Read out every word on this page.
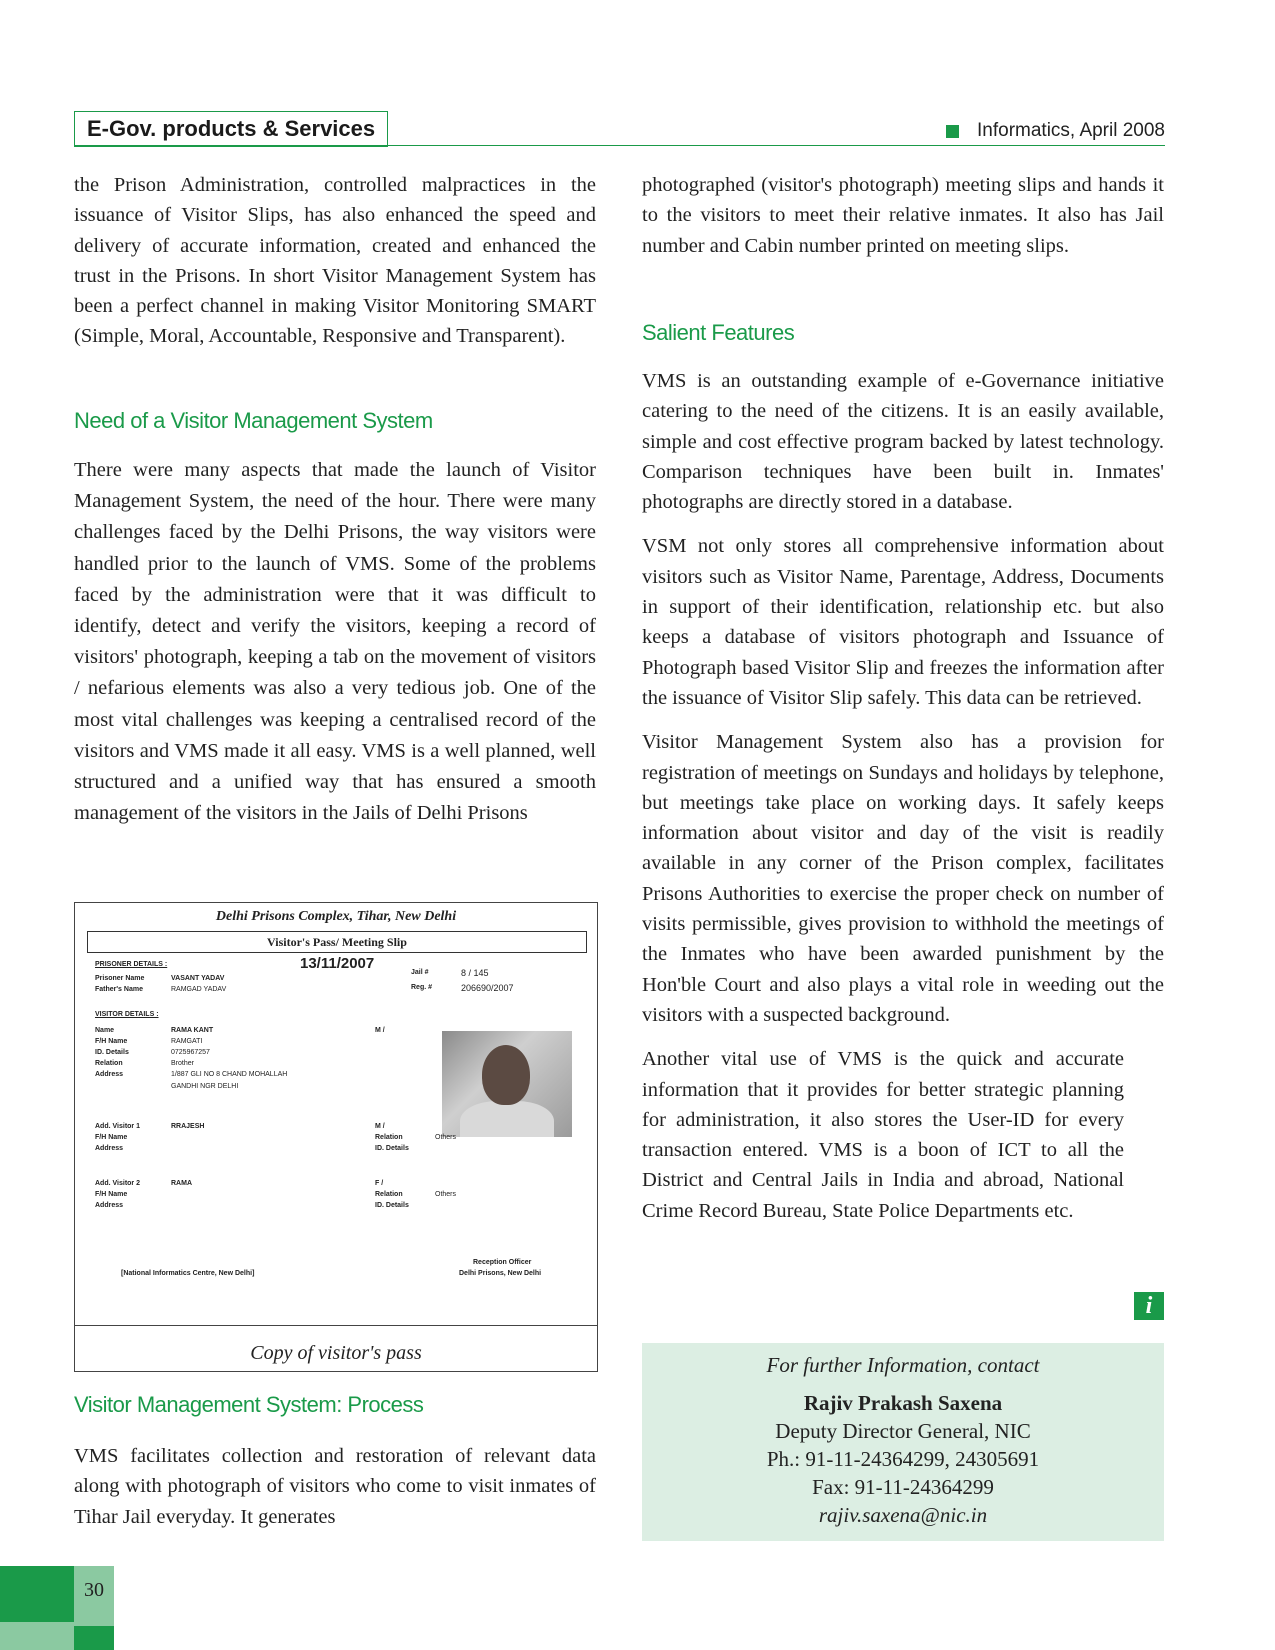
E-Gov. products & Services	Informatics, April 2008

the Prison Administration, controlled malpractices in the issuance of Visitor Slips, has also enhanced the speed and delivery of accurate information, created and enhanced the trust in the Prisons. In short Visitor Management System has been a perfect channel in making Visitor Monitoring SMART (Simple, Moral, Accountable, Responsive and Transparent).

Need of a Visitor Management System

There were many aspects that made the launch of Visitor Management System, the need of the hour. There were many challenges faced by the Delhi Prisons, the way visitors were handled prior to the launch of VMS. Some of the problems faced by the administration were that it was difficult to identify, detect and verify the visitors, keeping a record of visitors' photograph, keeping a tab on the movement of visitors / nefarious elements was also a very tedious job. One of the most vital challenges was keeping a centralised record of the visitors and VMS made it all easy. VMS is a well planned, well structured and a unified way that has ensured a smooth management of the visitors in the Jails of Delhi Prisons

Delhi Prisons Complex, Tihar, New Delhi
Visitor's Pass/ Meeting Slip
PRISONER DETAILS :	13/11/2007
Prisoner Name	VASANT YADAV
Father's Name	RAMGAD YADAV
Jail #	8 / 145
Reg. #	206690/2007
VISITOR DETAILS :
Name	RAMA KANT	M /
F/H Name	RAMGATI
ID. Details	0725967257
Relation	Brother
Address	1/887 GLI NO 8 CHAND MOHALLAH
GANDHI NGR DELHI
Add. Visitor 1	RRAJESH	M /
F/H Name
Address
Relation	Others
ID. Details
Add. Visitor 2	RAMA	F /
F/H Name
Address
Relation	Others
ID. Details
Reception Officer
Delhi Prisons, New Delhi
[National Informatics Centre, New Delhi]
Copy of visitor's pass
Visitor Management System: Process

VMS facilitates collection and restoration of relevant data along with photograph of visitors who come to visit inmates of Tihar Jail everyday. It generates

photographed (visitor's photograph) meeting slips and hands it to the visitors to meet their relative inmates. It also has Jail number and Cabin number printed on meeting slips.

Salient Features

VMS is an outstanding example of e-Governance initiative catering to the need of the citizens. It is an easily available, simple and cost effective program backed by latest technology. Comparison techniques have been built in. Inmates' photographs are directly stored in a database.

VSM not only stores all comprehensive information about visitors such as Visitor Name, Parentage, Address, Documents in support of their identification, relationship etc. but also keeps a database of visitors photograph and Issuance of Photograph based Visitor Slip and freezes the information after the issuance of Visitor Slip safely. This data can be retrieved.

Visitor Management System also has a provision for registration of meetings on Sundays and holidays by telephone, but meetings take place on working days. It safely keeps information about visitor and day of the visit is readily available in any corner of the Prison complex, facilitates Prisons Authorities to exercise the proper check on number of visits permissible, gives provision to withhold the meetings of the Inmates who have been awarded punishment by the Hon'ble Court and also plays a vital role in weeding out the visitors with a suspected background.

Another vital use of VMS is the quick and accurate information that it provides for better strategic planning for administration, it also stores the User-ID for every transaction entered. VMS is a boon of ICT to all the District and Central Jails in India and abroad, National Crime Record Bureau, State Police Departments etc.

i
For further Information, contact
Rajiv Prakash Saxena
Deputy Director General, NIC
Ph.: 91-11-24364299, 24305691
Fax: 91-11-24364299
rajiv.saxena@nic.in
30
